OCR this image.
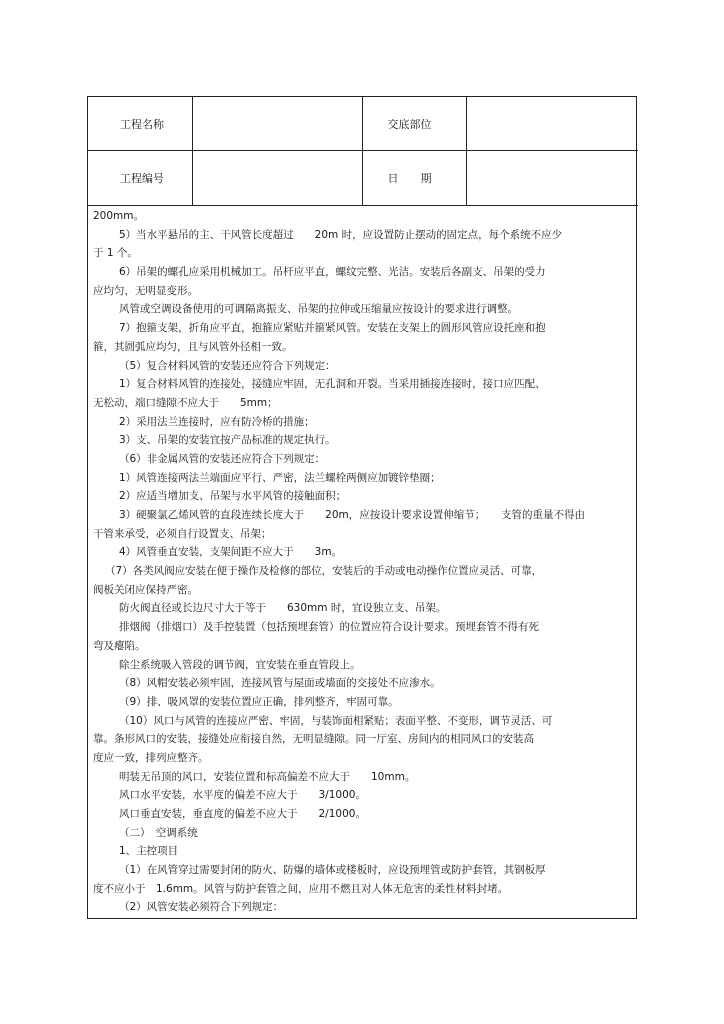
工程名称		交底部位	
工程编号		日　　期	
200mm。
5）当水平悬吊的主、干风管长度超过　　20m 时，应设置防止摆动的固定点，每个系统不应少
于 1 个。
6）吊架的螺孔应采用机械加工。吊杆应平直，螺纹完整、光洁。安装后各副支、吊架的受力
应均匀，无明显变形。
风管或空调设备使用的可调隔离振支、吊架的拉伸或压缩量应按设计的要求进行调整。
7）抱箍支架，折角应平直，抱箍应紧贴并箍紧风管。安装在支架上的圆形风管应设托座和抱
箍，其圆弧应均匀，且与风管外径相一致。
（5）复合材料风管的安装还应符合下列规定：
1）复合材料风管的连接处，接缝应牢固，无孔洞和开裂。当采用插接连接时，接口应匹配、
无松动，端口缝隙不应大于　　5mm；
2）采用法兰连接时，应有防冷桥的措施；
3）支、吊架的安装宜按产品标准的规定执行。
（6）非金属风管的安装还应符合下列规定：
1）风管连接两法兰端面应平行、严密，法兰螺栓两侧应加镀锌垫圈；
2）应适当增加支、吊架与水平风管的接触面积；
3）硬聚氯乙烯风管的直段连续长度大于　　20m，应按设计要求设置伸缩节；　　支管的重量不得由
干管来承受，必须自行设置支、吊架；
4）风管垂直安装，支架间距不应大于　　3m。
（7）各类风阀应安装在便于操作及检修的部位，安装后的手动或电动操作位置应灵活、可靠，
阀板关闭应保持严密。
防火阀直径或长边尺寸大于等于　　630mm 时，宜设独立支、吊架。
排烟阀（排烟口）及手控装置（包括预埋套管）的位置应符合设计要求。预埋套管不得有死
弯及瘪陷。
除尘系统吸入管段的调节阀，宜安装在垂直管段上。
（8）风帽安装必须牢固，连接风管与屋面或墙面的交接处不应渗水。
（9）排、吸风罩的安装位置应正确，排列整齐，牢固可靠。
（10）风口与风管的连接应严密、牢固，与装饰面相紧贴；表面平整、不变形，调节灵活、可
靠。条形风口的安装，接缝处应衔接自然，无明显缝隙。同一厅室、房间内的相同风口的安装高
度应一致，排列应整齐。
明装无吊顶的风口，安装位置和标高偏差不应大于　　10mm。
风口水平安装，水平度的偏差不应大于　　3/1000。
风口垂直安装，垂直度的偏差不应大于　　2/1000。
（二）　空调系统
1、主控项目
（1）在风管穿过需要封闭的防火、防爆的墙体或楼板时，应设预埋管或防护套管，其钢板厚
度不应小于　1.6mm。风管与防护套管之间，应用不燃且对人体无危害的柔性材料封堵。
（2）风管安装必须符合下列规定：
